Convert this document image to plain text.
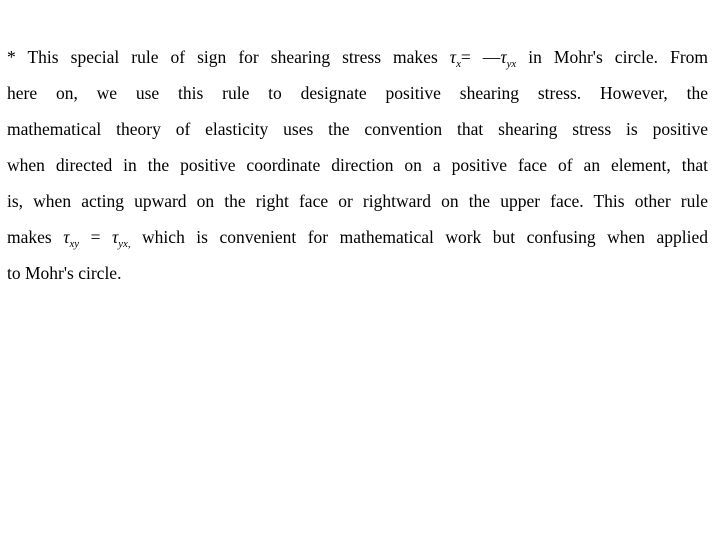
* This special rule of sign for shearing stress makes $\tau_x=$ $—\tau_{yx}$ in Mohr's circle. From
here on, we use this rule to designate positive shearing stress. However, the
mathematical theory of elasticity uses the convention that shearing stress is positive
when directed in the positive coordinate direction on a positive face of an element, that
is, when acting upward on the right face or rightward on the upper face. This other rule
makes $\tau_{xy} = \tau_{yx,}$ which is convenient for mathematical work but confusing when applied
to Mohr's circle.
